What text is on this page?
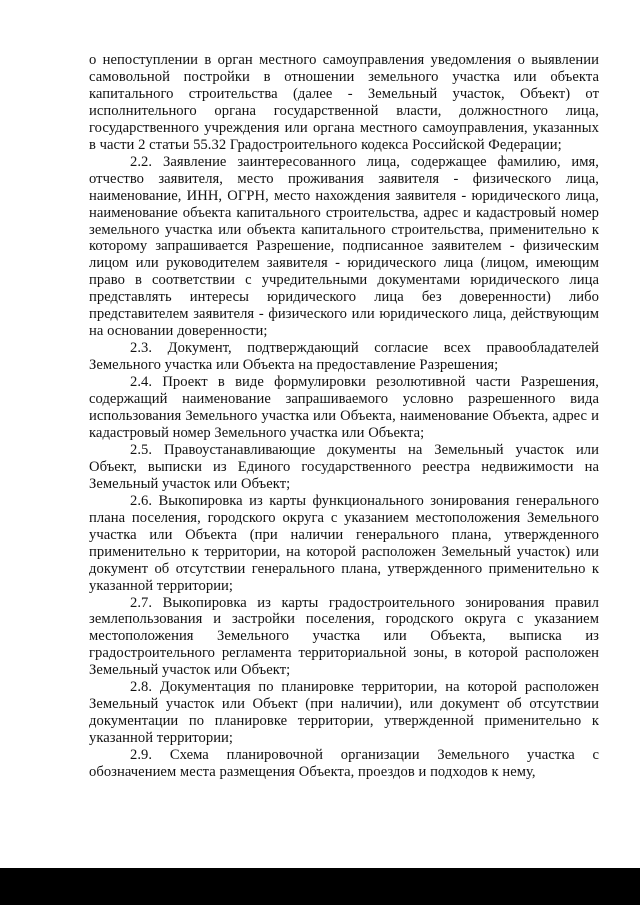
о непоступлении в орган местного самоуправления уведомления о выявлении самовольной постройки в отношении земельного участка или объекта капитального строительства (далее - Земельный участок, Объект) от исполнительного органа государственной власти, должностного лица, государственного учреждения или органа местного самоуправления, указанных в части 2 статьи 55.32 Градостроительного кодекса Российской Федерации;

2.2. Заявление заинтересованного лица, содержащее фамилию, имя, отчество заявителя, место проживания заявителя - физического лица, наименование, ИНН, ОГРН, место нахождения заявителя - юридического лица, наименование объекта капитального строительства, адрес и кадастровый номер земельного участка или объекта капитального строительства, применительно к которому запрашивается Разрешение, подписанное заявителем - физическим лицом или руководителем заявителя - юридического лица (лицом, имеющим право в соответствии с учредительными документами юридического лица представлять интересы юридического лица без доверенности) либо представителем заявителя - физического или юридического лица, действующим на основании доверенности;

2.3. Документ, подтверждающий согласие всех правообладателей Земельного участка или Объекта на предоставление Разрешения;

2.4. Проект в виде формулировки резолютивной части Разрешения, содержащий наименование запрашиваемого условно разрешенного вида использования Земельного участка или Объекта, наименование Объекта, адрес и кадастровый номер Земельного участка или Объекта;

2.5. Правоустанавливающие документы на Земельный участок или Объект, выписки из Единого государственного реестра недвижимости на Земельный участок или Объект;

2.6. Выкопировка из карты функционального зонирования генерального плана поселения, городского округа с указанием местоположения Земельного участка или Объекта (при наличии генерального плана, утвержденного применительно к территории, на которой расположен Земельный участок) или документ об отсутствии генерального плана, утвержденного применительно к указанной территории;

2.7. Выкопировка из карты градостроительного зонирования правил землепользования и застройки поселения, городского округа с указанием местоположения Земельного участка или Объекта, выписка из градостроительного регламента территориальной зоны, в которой расположен Земельный участок или Объект;

2.8. Документация по планировке территории, на которой расположен Земельный участок или Объект (при наличии), или документ об отсутствии документации по планировке территории, утвержденной применительно к указанной территории;

2.9. Схема планировочной организации Земельного участка с обозначением места размещения Объекта, проездов и подходов к нему,
